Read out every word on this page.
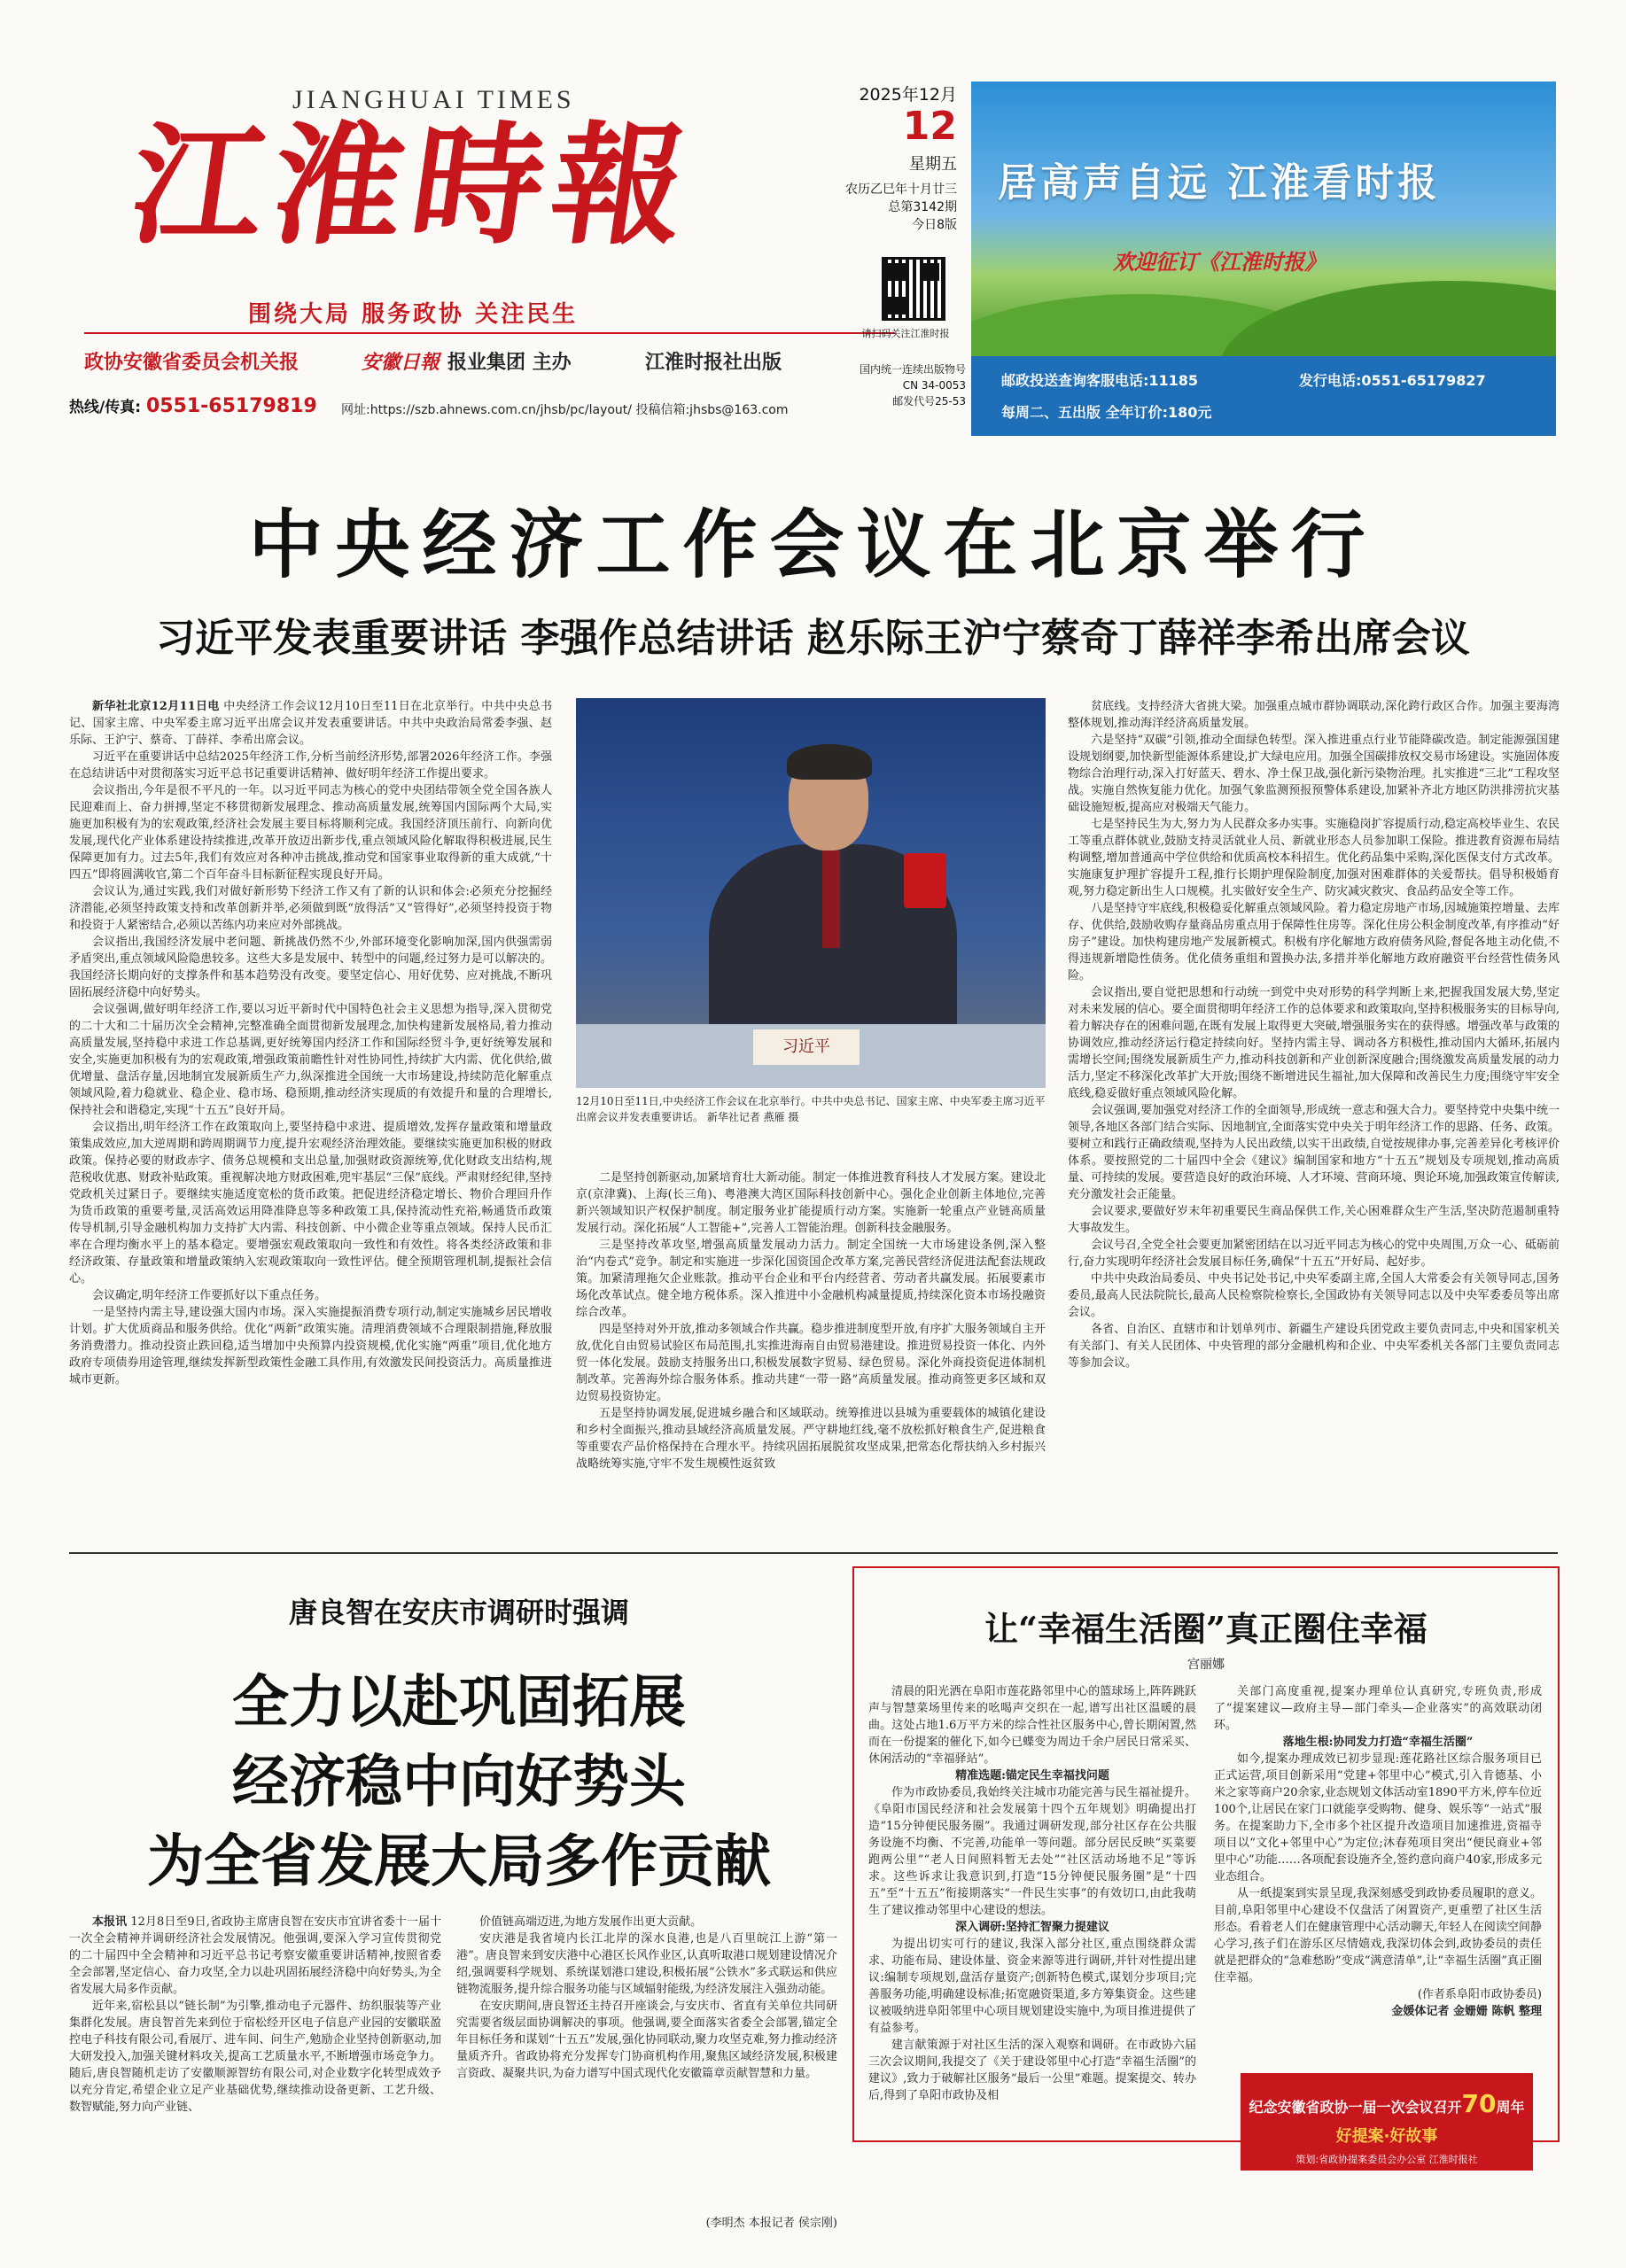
JIANGHUAI TIMES
江淮時報
围绕大局 服务政协 关注民生
政协安徽省委员会机关报	安徽日報 报业集团 主办	江淮时报社出版
热线/传真: 0551-65179819 网址:https://szb.ahnews.com.cn/jhsb/pc/layout/ 投稿信箱:jhsbs@163.com
2025年12月
12
星期五
农历乙巳年十月廿三
总第3142期
今日8版
请扫码关注江淮时报
国内统一连续出版物号
CN 34-0053
邮发代号25-53
居高声自远 江淮看时报
欢迎征订《江淮时报》
邮政投送查询客服电话:11185	发行电话:0551-65179827
每周二、五出版 全年订价:180元
中央经济工作会议在北京举行
习近平发表重要讲话 李强作总结讲话 赵乐际王沪宁蔡奇丁薛祥李希出席会议

新华社北京12月11日电 中央经济工作会议12月10日至11日在北京举行。中共中央总书记、国家主席、中央军委主席习近平出席会议并发表重要讲话。中共中央政治局常委李强、赵乐际、王沪宁、蔡奇、丁薛祥、李希出席会议。

习近平在重要讲话中总结2025年经济工作,分析当前经济形势,部署2026年经济工作。李强在总结讲话中对贯彻落实习近平总书记重要讲话精神、做好明年经济工作提出要求。

会议指出,今年是很不平凡的一年。以习近平同志为核心的党中央团结带领全党全国各族人民迎难而上、奋力拼搏,坚定不移贯彻新发展理念、推动高质量发展,统筹国内国际两个大局,实施更加积极有为的宏观政策,经济社会发展主要目标将顺利完成。我国经济顶压前行、向新向优发展,现代化产业体系建设持续推进,改革开放迈出新步伐,重点领域风险化解取得积极进展,民生保障更加有力。过去5年,我们有效应对各种冲击挑战,推动党和国家事业取得新的重大成就,“十四五”即将圆满收官,第二个百年奋斗目标新征程实现良好开局。

会议认为,通过实践,我们对做好新形势下经济工作又有了新的认识和体会:必须充分挖掘经济潜能,必须坚持政策支持和改革创新并举,必须做到既“放得活”又“管得好”,必须坚持投资于物和投资于人紧密结合,必须以苦练内功来应对外部挑战。

会议指出,我国经济发展中老问题、新挑战仍然不少,外部环境变化影响加深,国内供强需弱矛盾突出,重点领域风险隐患较多。这些大多是发展中、转型中的问题,经过努力是可以解决的。我国经济长期向好的支撑条件和基本趋势没有改变。要坚定信心、用好优势、应对挑战,不断巩固拓展经济稳中向好势头。

会议强调,做好明年经济工作,要以习近平新时代中国特色社会主义思想为指导,深入贯彻党的二十大和二十届历次全会精神,完整准确全面贯彻新发展理念,加快构建新发展格局,着力推动高质量发展,坚持稳中求进工作总基调,更好统筹国内经济工作和国际经贸斗争,更好统筹发展和安全,实施更加积极有为的宏观政策,增强政策前瞻性针对性协同性,持续扩大内需、优化供给,做优增量、盘活存量,因地制宜发展新质生产力,纵深推进全国统一大市场建设,持续防范化解重点领域风险,着力稳就业、稳企业、稳市场、稳预期,推动经济实现质的有效提升和量的合理增长,保持社会和谐稳定,实现“十五五”良好开局。

会议指出,明年经济工作在政策取向上,要坚持稳中求进、提质增效,发挥存量政策和增量政策集成效应,加大逆周期和跨周期调节力度,提升宏观经济治理效能。要继续实施更加积极的财政政策。保持必要的财政赤字、债务总规模和支出总量,加强财政资源统筹,优化财政支出结构,规范税收优惠、财政补贴政策。重视解决地方财政困难,兜牢基层“三保”底线。严肃财经纪律,坚持党政机关过紧日子。要继续实施适度宽松的货币政策。把促进经济稳定增长、物价合理回升作为货币政策的重要考量,灵活高效运用降准降息等多种政策工具,保持流动性充裕,畅通货币政策传导机制,引导金融机构加力支持扩大内需、科技创新、中小微企业等重点领域。保持人民币汇率在合理均衡水平上的基本稳定。要增强宏观政策取向一致性和有效性。将各类经济政策和非经济政策、存量政策和增量政策纳入宏观政策取向一致性评估。健全预期管理机制,提振社会信心。

会议确定,明年经济工作要抓好以下重点任务。

一是坚持内需主导,建设强大国内市场。深入实施提振消费专项行动,制定实施城乡居民增收计划。扩大优质商品和服务供给。优化“两新”政策实施。清理消费领域不合理限制措施,释放服务消费潜力。推动投资止跌回稳,适当增加中央预算内投资规模,优化实施“两重”项目,优化地方政府专项债券用途管理,继续发挥新型政策性金融工具作用,有效激发民间投资活力。高质量推进城市更新。

习近平
12月10日至11日,中央经济工作会议在北京举行。中共中央总书记、国家主席、中央军委主席习近平出席会议并发表重要讲话。 新华社记者 燕雁 摄

二是坚持创新驱动,加紧培育壮大新动能。制定一体推进教育科技人才发展方案。建设北京(京津冀)、上海(长三角)、粤港澳大湾区国际科技创新中心。强化企业创新主体地位,完善新兴领域知识产权保护制度。制定服务业扩能提质行动方案。实施新一轮重点产业链高质量发展行动。深化拓展“人工智能+”,完善人工智能治理。创新科技金融服务。

三是坚持改革攻坚,增强高质量发展动力活力。制定全国统一大市场建设条例,深入整治“内卷式”竞争。制定和实施进一步深化国资国企改革方案,完善民营经济促进法配套法规政策。加紧清理拖欠企业账款。推动平台企业和平台内经营者、劳动者共赢发展。拓展要素市场化改革试点。健全地方税体系。深入推进中小金融机构减量提质,持续深化资本市场投融资综合改革。

四是坚持对外开放,推动多领域合作共赢。稳步推进制度型开放,有序扩大服务领域自主开放,优化自由贸易试验区布局范围,扎实推进海南自由贸易港建设。推进贸易投资一体化、内外贸一体化发展。鼓励支持服务出口,积极发展数字贸易、绿色贸易。深化外商投资促进体制机制改革。完善海外综合服务体系。推动共建“一带一路”高质量发展。推动商签更多区域和双边贸易投资协定。

五是坚持协调发展,促进城乡融合和区域联动。统筹推进以县城为重要载体的城镇化建设和乡村全面振兴,推动县域经济高质量发展。严守耕地红线,毫不放松抓好粮食生产,促进粮食等重要农产品价格保持在合理水平。持续巩固拓展脱贫攻坚成果,把常态化帮扶纳入乡村振兴战略统筹实施,守牢不发生规模性返贫致

贫底线。支持经济大省挑大梁。加强重点城市群协调联动,深化跨行政区合作。加强主要海湾整体规划,推动海洋经济高质量发展。

六是坚持“双碳”引领,推动全面绿色转型。深入推进重点行业节能降碳改造。制定能源强国建设规划纲要,加快新型能源体系建设,扩大绿电应用。加强全国碳排放权交易市场建设。实施固体废物综合治理行动,深入打好蓝天、碧水、净土保卫战,强化新污染物治理。扎实推进“三北”工程攻坚战。实施自然恢复能力优化。加强气象监测预报预警体系建设,加紧补齐北方地区防洪排涝抗灾基础设施短板,提高应对极端天气能力。

七是坚持民生为大,努力为人民群众多办实事。实施稳岗扩容提质行动,稳定高校毕业生、农民工等重点群体就业,鼓励支持灵活就业人员、新就业形态人员参加职工保险。推进教育资源布局结构调整,增加普通高中学位供给和优质高校本科招生。优化药品集中采购,深化医保支付方式改革。实施康复护理扩容提升工程,推行长期护理保险制度,加强对困难群体的关爱帮扶。倡导积极婚育观,努力稳定新出生人口规模。扎实做好安全生产、防灾减灾救灾、食品药品安全等工作。

八是坚持守牢底线,积极稳妥化解重点领域风险。着力稳定房地产市场,因城施策控增量、去库存、优供给,鼓励收购存量商品房重点用于保障性住房等。深化住房公积金制度改革,有序推动“好房子”建设。加快构建房地产发展新模式。积极有序化解地方政府债务风险,督促各地主动化债,不得违规新增隐性债务。优化债务重组和置换办法,多措并举化解地方政府融资平台经营性债务风险。

会议指出,要自觉把思想和行动统一到党中央对形势的科学判断上来,把握我国发展大势,坚定对未来发展的信心。要全面贯彻明年经济工作的总体要求和政策取向,坚持积极服务实的目标导向,着力解决存在的困难问题,在既有发展上取得更大突破,增强服务实在的获得感。增强改革与政策的协调效应,推动经济运行稳定持续向好。坚持内需主导、调动各方积极性,推动国内大循环,拓展内需增长空间;围绕发展新质生产力,推动科技创新和产业创新深度融合;围绕激发高质量发展的动力活力,坚定不移深化改革扩大开放;围绕不断增进民生福祉,加大保障和改善民生力度;围绕守牢安全底线,稳妥做好重点领域风险化解。

会议强调,要加强党对经济工作的全面领导,形成统一意志和强大合力。要坚持党中央集中统一领导,各地区各部门结合实际、因地制宜,全面落实党中央关于明年经济工作的思路、任务、政策。要树立和践行正确政绩观,坚持为人民出政绩,以实干出政绩,自觉按规律办事,完善差异化考核评价体系。要按照党的二十届四中全会《建议》编制国家和地方“十五五”规划及专项规划,推动高质量、可持续的发展。要营造良好的政治环境、人才环境、营商环境、舆论环境,加强政策宣传解读,充分激发社会正能量。

会议要求,要做好岁末年初重要民生商品保供工作,关心困难群众生产生活,坚决防范遏制重特大事故发生。

会议号召,全党全社会要更加紧密团结在以习近平同志为核心的党中央周围,万众一心、砥砺前行,奋力实现明年经济社会发展目标任务,确保“十五五”开好局、起好步。

中共中央政治局委员、中央书记处书记,中央军委副主席,全国人大常委会有关领导同志,国务委员,最高人民法院院长,最高人民检察院检察长,全国政协有关领导同志以及中央军委委员等出席会议。

各省、自治区、直辖市和计划单列市、新疆生产建设兵团党政主要负责同志,中央和国家机关有关部门、有关人民团体、中央管理的部分金融机构和企业、中央军委机关各部门主要负责同志等参加会议。

唐良智在安庆市调研时强调
全力以赴巩固拓展
经济稳中向好势头
为全省发展大局多作贡献

本报讯 12月8日至9日,省政协主席唐良智在安庆市宜讲省委十一届十一次全会精神并调研经济社会发展情况。他强调,要深入学习宣传贯彻党的二十届四中全会精神和习近平总书记考察安徽重要讲话精神,按照省委全会部署,坚定信心、奋力攻坚,全力以赴巩固拓展经济稳中向好势头,为全省发展大局多作贡献。

近年来,宿松县以“链长制”为引擎,推动电子元器件、纺织服装等产业集群化发展。唐良智首先来到位于宿松经开区电子信息产业园的安徽联盈控电子科技有限公司,看展厅、进车间、问生产,勉励企业坚持创新驱动,加大研发投入,加强关键材料攻关,提高工艺质量水平,不断增强市场竞争力。随后,唐良智随机走访了安徽顺源智纺有限公司,对企业数字化转型成效予以充分肯定,希望企业立足产业基础优势,继续推动设备更新、工艺升级、数智赋能,努力向产业链、

价值链高端迈进,为地方发展作出更大贡献。

安庆港是我省境内长江北岸的深水良港,也是八百里皖江上游“第一港”。唐良智来到安庆港中心港区长风作业区,认真听取港口规划建设情况介绍,强调要科学规划、系统谋划港口建设,积极拓展“公铁水”多式联运和供应链物流服务,提升综合服务功能与区域辐射能级,为经济发展注入强劲动能。

在安庆期间,唐良智还主持召开座谈会,与安庆市、省直有关单位共同研究需要省级层面协调解决的事项。他强调,要全面落实省委全会部署,锚定全年目标任务和谋划“十五五”发展,强化协同联动,聚力攻坚克难,努力推动经济量质齐升。省政协将充分发挥专门协商机构作用,聚焦区域经济发展,积极建言资政、凝聚共识,为奋力谱写中国式现代化安徽篇章贡献智慧和力量。

(李明杰 本报记者 侯宗刚)
让“幸福生活圈”真正圈住幸福
宫丽娜

清晨的阳光洒在阜阳市莲花路邻里中心的篮球场上,阵阵跳跃声与智慧菜场里传来的吆喝声交织在一起,谱写出社区温暖的晨曲。这处占地1.6万平方米的综合性社区服务中心,曾长期闲置,然而在一份提案的催化下,如今已蝶变为周边千余户居民日常采买、休闲活动的“幸福驿站”。

精准选题:锚定民生幸福找问题

作为市政协委员,我始终关注城市功能完善与民生福祉提升。《阜阳市国民经济和社会发展第十四个五年规划》明确提出打造“15分钟便民服务圈”。我通过调研发现,部分社区存在公共服务设施不均衡、不完善,功能单一等问题。部分居民反映“买菜要跑两公里”“老人日间照料暂无去处”“社区活动场地不足”等诉求。这些诉求让我意识到,打造“15分钟便民服务圈”是“十四五”至“十五五”衔接期落实“一件民生实事”的有效切口,由此我萌生了建议推动邻里中心建设的想法。

深入调研:坚持汇智聚力提建议

为提出切实可行的建议,我深入部分社区,重点围绕群众需求、功能布局、建设体量、资金来源等进行调研,并针对性提出建议:编制专项规划,盘活存量资产;创新特色模式,谋划分步项目;完善服务功能,明确建设标准;拓宽融资渠道,多方筹集资金。这些建议被吸纳进阜阳邻里中心项目规划建设实施中,为项目推进提供了有益参考。

建言献策源于对社区生活的深入观察和调研。在市政协六届三次会议期间,我提交了《关于建设邻里中心打造“幸福生活圈”的建议》,致力于破解社区服务“最后一公里”难题。提案提交、转办后,得到了阜阳市政协及相

关部门高度重视,提案办理单位认真研究,专班负责,形成了“提案建议—政府主导—部门牵头—企业落实”的高效联动闭环。

落地生根:协同发力打造“幸福生活圈”

如今,提案办理成效已初步显现:莲花路社区综合服务项目已正式运营,项目创新采用“党建+邻里中心”模式,引入肯德基、小米之家等商户20余家,业态规划文体活动室1890平方米,停车位近100个,让居民在家门口就能享受购物、健身、娱乐等“一站式”服务。在提案助力下,全市多个社区提升改造项目加速推进,资福寺项目以“文化+邻里中心”为定位;沐春苑项目突出“便民商业+邻里中心”功能……各项配套设施齐全,签约意向商户40家,形成多元业态组合。

从一纸提案到实景呈现,我深刻感受到政协委员履职的意义。目前,阜阳邻里中心建设不仅盘活了闲置资产,更重塑了社区生活形态。看着老人们在健康管理中心活动聊天,年轻人在阅读空间静心学习,孩子们在游乐区尽情嬉戏,我深切体会到,政协委员的责任就是把群众的“急难愁盼”变成“满意清单”,让“幸福生活圈”真正圈住幸福。

(作者系阜阳市政协委员)

金媛体记者 金姗姗 陈帆 整理

纪念安徽省政协一届一次会议召开70周年
好提案·好故事
策划:省政协提案委员会办公室 江淮时报社
